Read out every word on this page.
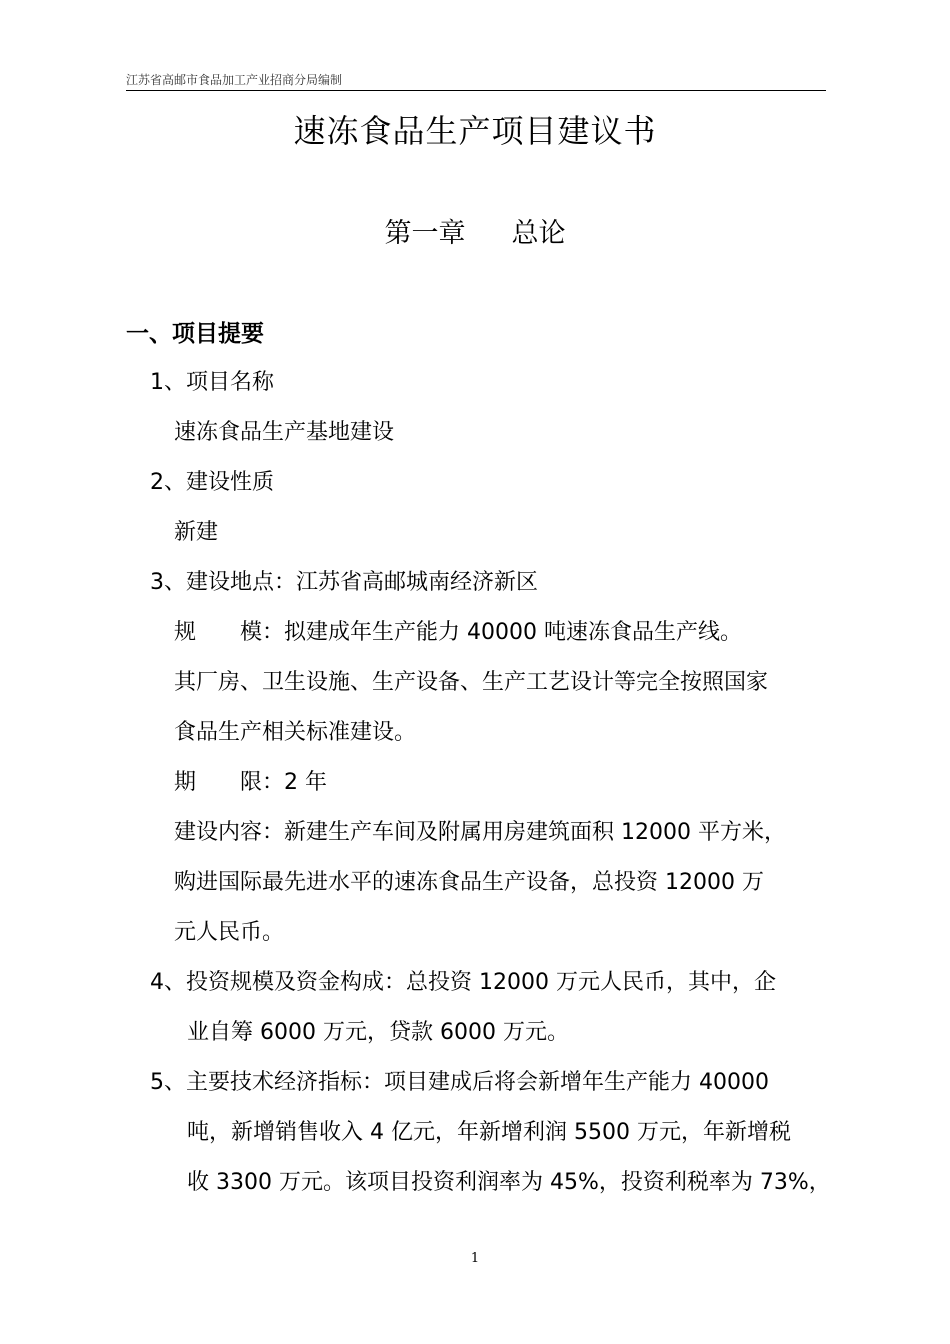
江苏省高邮市食品加工产业招商分局编制
速冻食品生产项目建议书
第一章 总论
一、项目提要
1、项目名称
速冻食品生产基地建设
2、建设性质
新建
3、建设地点：江苏省高邮城南经济新区
规　　模：拟建成年生产能力 40000 吨速冻食品生产线。
其厂房、卫生设施、生产设备、生产工艺设计等完全按照国家
食品生产相关标准建设。
期　　限：2 年
建设内容：新建生产车间及附属用房建筑面积 12000 平方米，
购进国际最先进水平的速冻食品生产设备，总投资 12000 万
元人民币。
4、投资规模及资金构成：总投资 12000 万元人民币，其中，企
业自筹 6000 万元，贷款 6000 万元。
5、主要技术经济指标：项目建成后将会新增年生产能力 40000
吨，新增销售收入 4 亿元，年新增利润 5500 万元，年新增税
收 3300 万元。该项目投资利润率为 45%，投资利税率为 73%，
1
